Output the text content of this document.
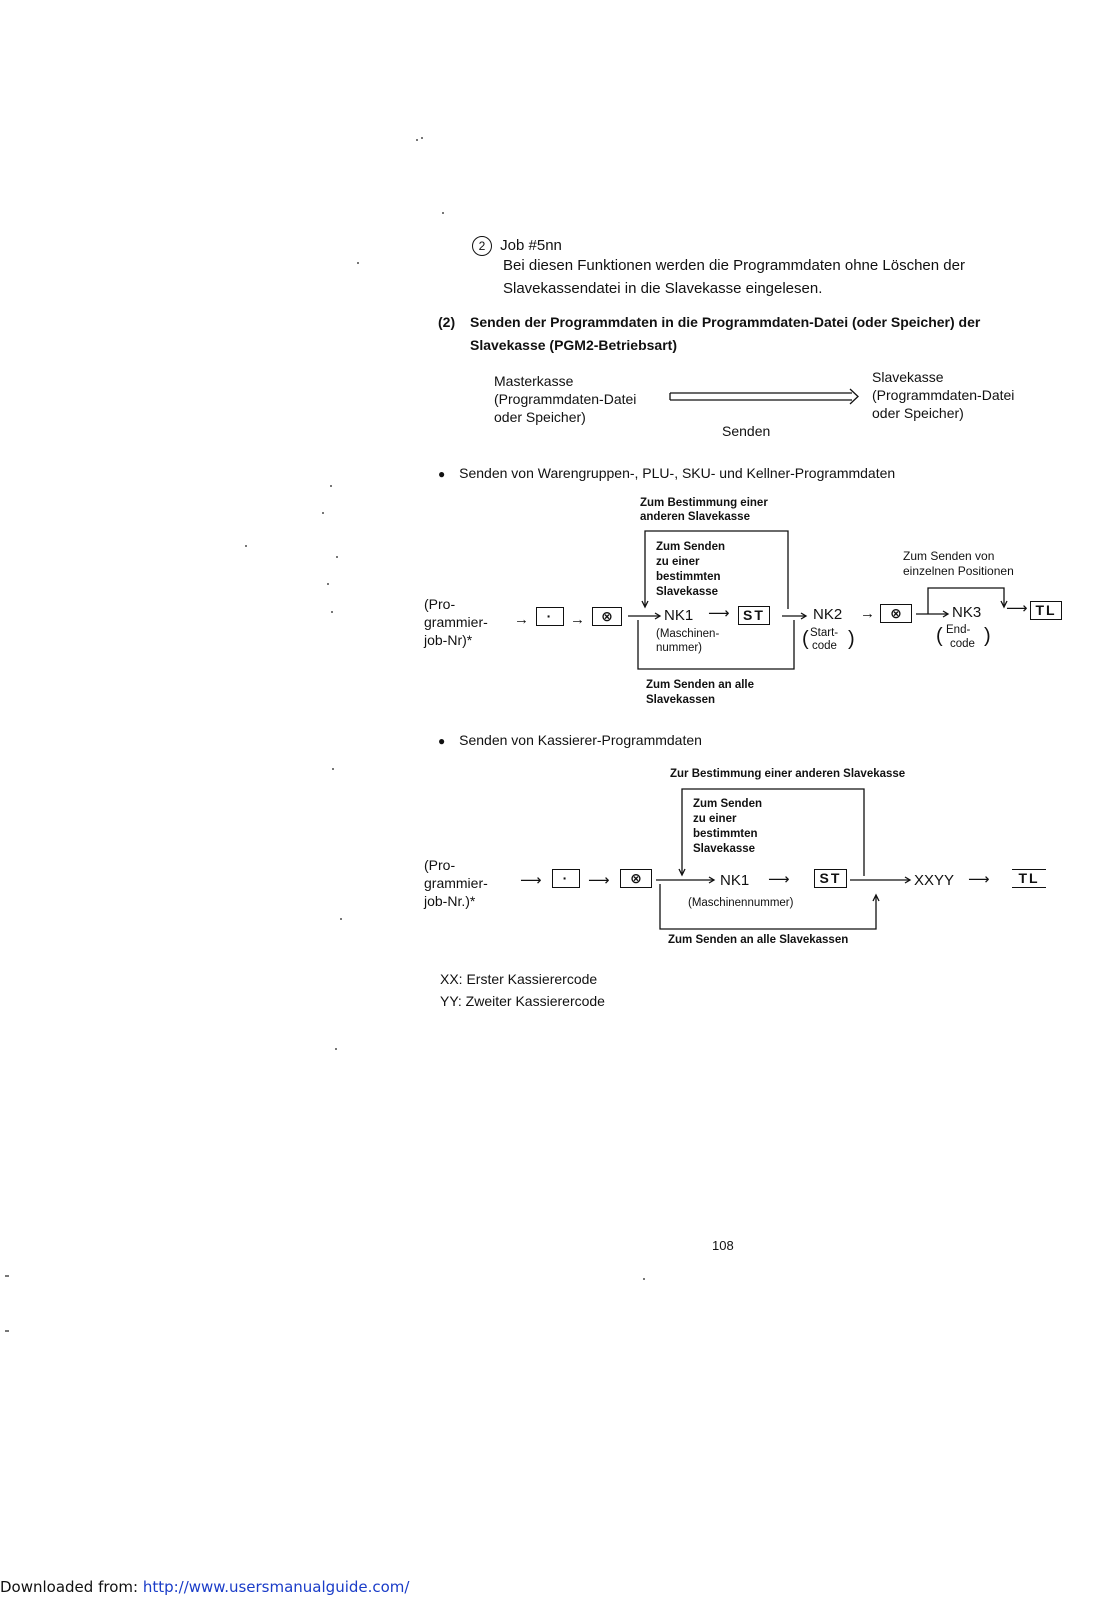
2 Job #5nn
Bei diesen Funktionen werden die Programmdaten ohne Löschen der
Slavekassendatei in die Slavekasse eingelesen.
(2) Senden der Programmdaten in die Programmdaten-Datei (oder Speicher) der
Slavekasse (PGM2-Betriebsart)
Masterkasse
(Programmdaten-Datei
oder Speicher)
Slavekasse
(Programmdaten-Datei
oder Speicher)
Senden
● Senden von Warengruppen-, PLU-, SKU- und Kellner-Programmdaten
Zum Bestimmung einer
anderen Slavekasse
Zum Senden
zu einer
bestimmten
Slavekasse
Zum Senden von
einzelnen Positionen
(Pro-
grammier-
job-Nr)*
→	·	→	⊗	NK1 ⟶ ST
(Maschinen-
nummer)
NK2
Start-
code
( )
→	⊗	NK3
End-
code
( )
⟶ TL
Zum Senden an alle
Slavekassen
● Senden von Kassierer-Programmdaten
Zur Bestimmung einer anderen Slavekasse
Zum Senden
zu einer
bestimmten
Slavekasse
(Pro-
grammier-
job-Nr.)*
⟶	·	⟶	⊗	NK1 ⟶	ST
(Maschinennummer)
XXYY ⟶	TL
Zum Senden an alle Slavekassen
XX: Erster Kassierercode
YY: Zweiter Kassierercode
108
Downloaded from: http://www.usersmanualguide.com/
